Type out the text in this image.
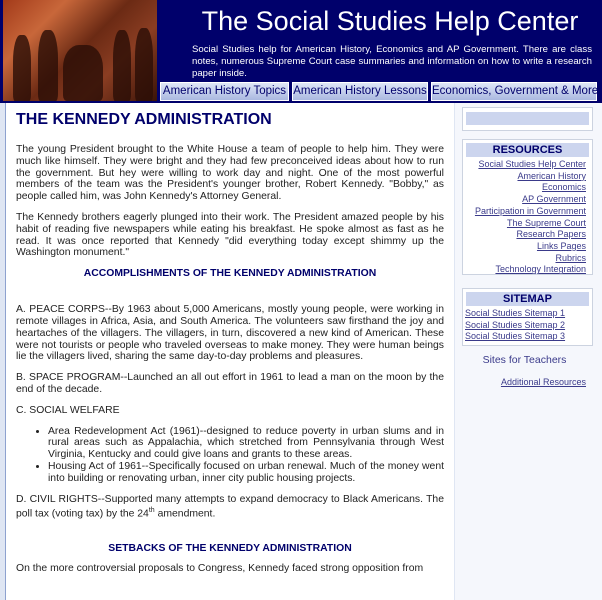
The Social Studies Help Center
Social Studies help for American History, Economics and AP Government. There are class notes, numerous Supreme Court case summaries and information on how to write a research paper inside.
American History Topics American History Lessons Economics, Government & More
THE KENNEDY ADMINISTRATION

The young President brought to the White House a team of people to help him. They were much like himself. They were bright and they had few preconceived ideas about how to run the government. But hey were willing to work day and night. One of the most powerful members of the team was the President's younger brother, Robert Kennedy. "Bobby," as people called him, was John Kennedy's Attorney General.

The Kennedy brothers eagerly plunged into their work. The President amazed people by his habit of reading five newspapers while eating his breakfast. He spoke almost as fast as he read. It was once reported that Kennedy "did everything today except shimmy up the Washington monument."

ACCOMPLISHMENTS OF THE KENNEDY ADMINISTRATION

A. PEACE CORPS--By 1963 about 5,000 Americans, mostly young people, were working in remote villages in Africa, Asia, and South America. The volunteers saw firsthand the joy and heartaches of the villagers. The villagers, in turn, discovered a new kind of American. These were not tourists or people who traveled overseas to make money. They were human beings lie the villagers lived, sharing the same day-to-day problems and pleasures.

B. SPACE PROGRAM--Launched an all out effort in 1961 to lead a man on the moon by the end of the decade.

C. SOCIAL WELFARE

• Area Redevelopment Act (1961)--designed to reduce poverty in urban slums and in rural areas such as Appalachia, which stretched from Pennsylvania through West Virginia, Kentucky and could give loans and grants to these areas.
• Housing Act of 1961--Specifically focused on urban renewal. Much of the money went into building or renovating urban, inner city public housing projects.

D. CIVIL RIGHTS--Supported many attempts to expand democracy to Black Americans. The poll tax (voting tax) by the 24th amendment.

SETBACKS OF THE KENNEDY ADMINISTRATION

On the more controversial proposals to Congress, Kennedy faced strong opposition from

RESOURCES
Social Studies Help Center
American History
Economics
AP Government
Participation in Government
The Supreme Court
Research Papers
Links Pages
Rubrics
Technology Integration
SITEMAP
Social Studies Sitemap 1
Social Studies Sitemap 2
Social Studies Sitemap 3
Sites for Teachers
Additional Resources
